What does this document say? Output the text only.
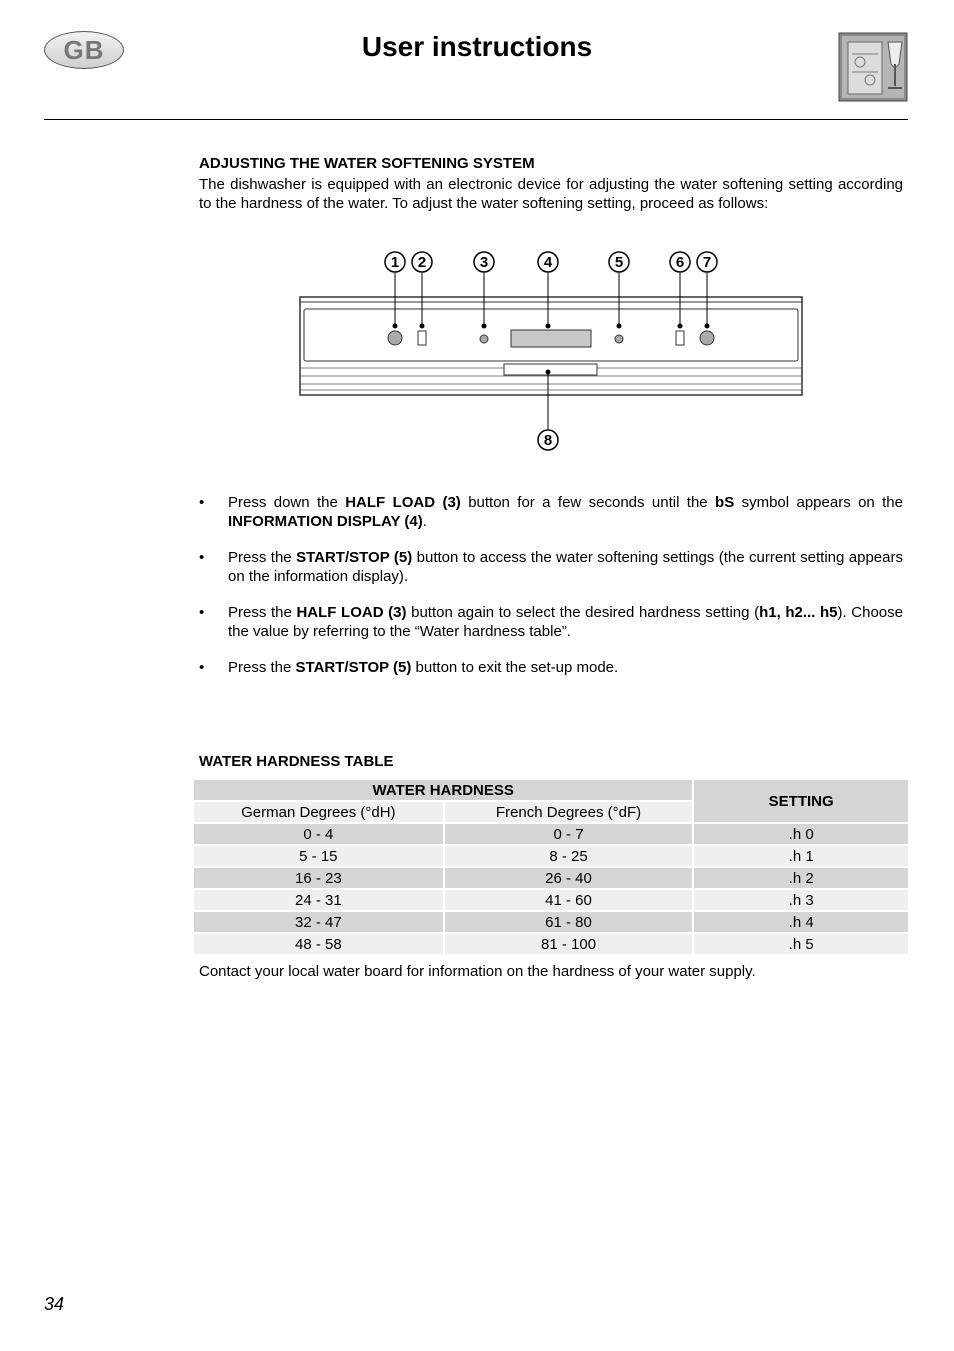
GB	User instructions

ADJUSTING THE WATER SOFTENING SYSTEM

The dishwasher is equipped with an electronic device for adjusting the water softening setting according to the hardness of the water. To adjust the water softening setting, proceed as follows:

1 2	3	4	5	6 7
8
• Press down the HALF LOAD (3) button for a few seconds until the bS symbol appears on the INFORMATION DISPLAY (4).
• Press the START/STOP (5) button to access the water softening settings (the current setting appears on the information display).
• Press the HALF LOAD (3) button again to select the desired hardness setting (h1, h2... h5). Choose the value by referring to the “Water hardness table”.
• Press the START/STOP (5) button to exit the set-up mode.

WATER HARDNESS TABLE

WATER HARDNESS		SETTING
German Degrees (°dH)	French Degrees (°dF)	
0 - 4	0 - 7	.h 0
5 - 15	8 - 25	.h 1
16 - 23	26 - 40	.h 2
24 - 31	41 - 60	.h 3
32 - 47	61 - 80	.h 4
48 - 58	81 - 100	.h 5

Contact your local water board for information on the hardness of your water supply.

34
